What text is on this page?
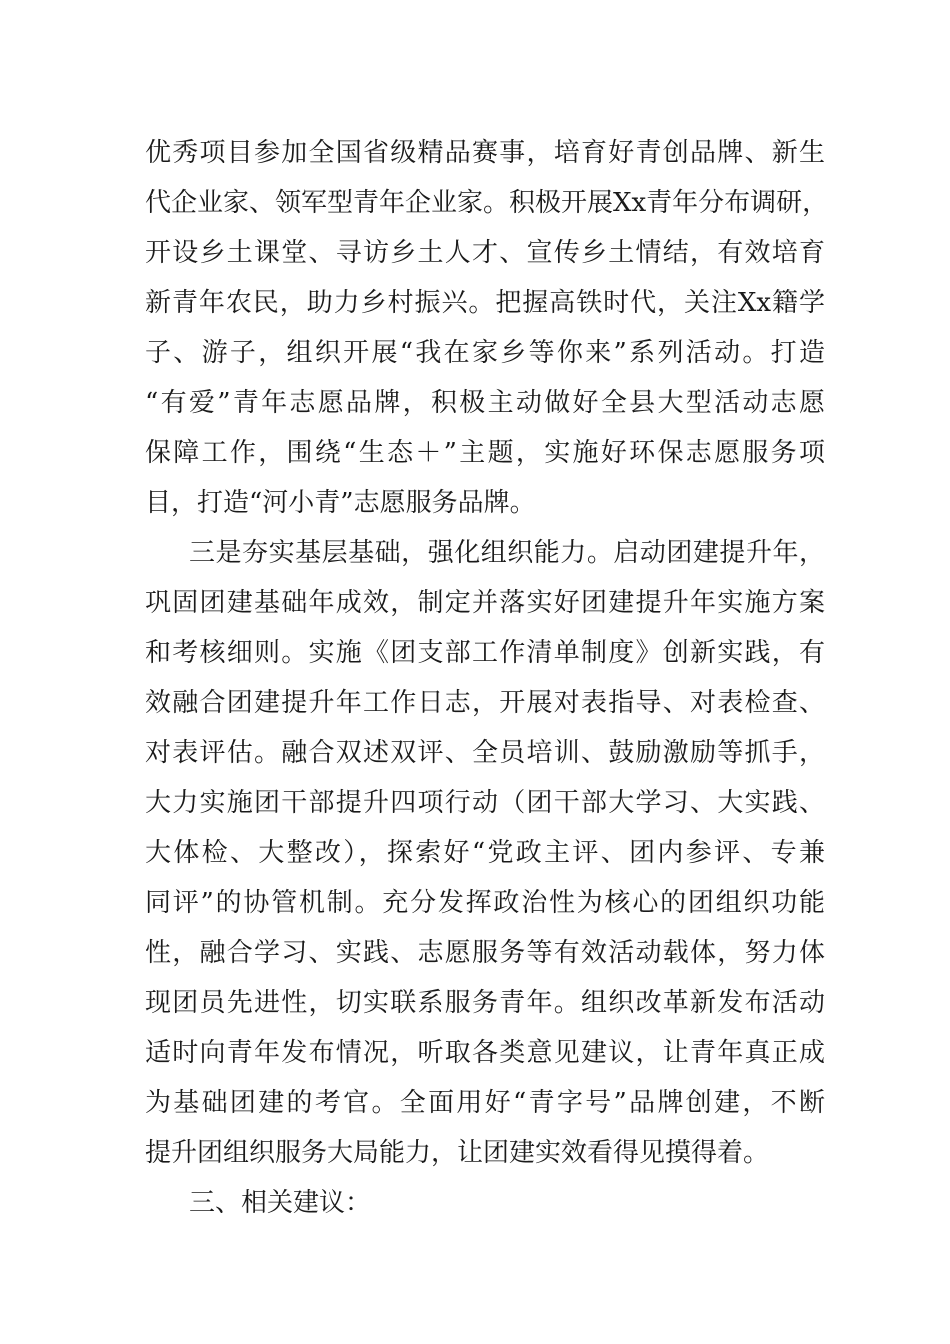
优秀项目参加全国省级精品赛事，培育好青创品牌、新生
代企业家、领军型青年企业家。积极开展Xx青年分布调研，
开设乡土课堂、寻访乡土人才、宣传乡土情结，有效培育
新青年农民，助力乡村振兴。把握高铁时代，关注Xx籍学
子、游子，组织开展“我在家乡等你来”系列活动。打造
“有爱”青年志愿品牌，积极主动做好全县大型活动志愿
保障工作，围绕“生态＋”主题，实施好环保志愿服务项
目，打造“河小青”志愿服务品牌。
三是夯实基层基础，强化组织能力。启动团建提升年，
巩固团建基础年成效，制定并落实好团建提升年实施方案
和考核细则。实施《团支部工作清单制度》创新实践，有
效融合团建提升年工作日志，开展对表指导、对表检查、
对表评估。融合双述双评、全员培训、鼓励激励等抓手，
大力实施团干部提升四项行动（团干部大学习、大实践、
大体检、大整改），探索好“党政主评、团内参评、专兼
同评”的协管机制。充分发挥政治性为核心的团组织功能
性，融合学习、实践、志愿服务等有效活动载体，努力体
现团员先进性，切实联系服务青年。组织改革新发布活动
适时向青年发布情况，听取各类意见建议，让青年真正成
为基础团建的考官。全面用好“青字号”品牌创建，不断
提升团组织服务大局能力，让团建实效看得见摸得着。
三、相关建议：
